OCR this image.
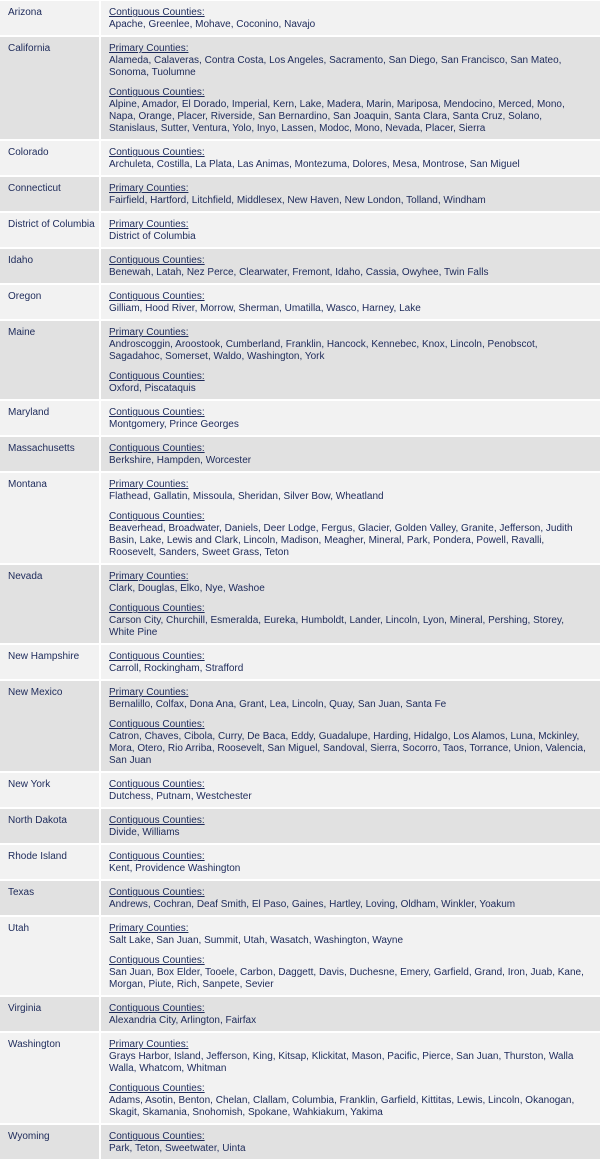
Arizona	Contiguous Counties:
Apache, Greenlee, Mohave, Coconino, Navajo
California	Primary Counties:
Alameda, Calaveras, Contra Costa, Los Angeles, Sacramento, San Diego, San Francisco, San Mateo, Sonoma, Tuolumne
Contiguous Counties:
Alpine, Amador, El Dorado, Imperial, Kern, Lake, Madera, Marin, Mariposa, Mendocino, Merced, Mono, Napa, Orange, Placer, Riverside, San Bernardino, San Joaquin, Santa Clara, Santa Cruz, Solano, Stanislaus, Sutter, Ventura, Yolo, Inyo, Lassen, Modoc, Mono, Nevada, Placer, Sierra
Colorado	Contiguous Counties:
Archuleta, Costilla, La Plata, Las Animas, Montezuma, Dolores, Mesa, Montrose, San Miguel
Connecticut	Primary Counties:
Fairfield, Hartford, Litchfield, Middlesex, New Haven, New London, Tolland, Windham
District of Columbia	Primary Counties:
District of Columbia
Idaho	Contiguous Counties:
Benewah, Latah, Nez Perce, Clearwater, Fremont, Idaho, Cassia, Owyhee, Twin Falls
Oregon	Contiguous Counties:
Gilliam, Hood River, Morrow, Sherman, Umatilla, Wasco, Harney, Lake
Maine	Primary Counties:
Androscoggin, Aroostook, Cumberland, Franklin, Hancock, Kennebec, Knox, Lincoln, Penobscot, Sagadahoc, Somerset, Waldo, Washington, York
Contiguous Counties:
Oxford, Piscataquis
Maryland	Contiguous Counties:
Montgomery, Prince Georges
Massachusetts	Contiguous Counties:
Berkshire, Hampden, Worcester
Montana	Primary Counties:
Flathead, Gallatin, Missoula, Sheridan, Silver Bow, Wheatland
Contiguous Counties:
Beaverhead, Broadwater, Daniels, Deer Lodge, Fergus, Glacier, Golden Valley, Granite, Jefferson, Judith Basin, Lake, Lewis and Clark, Lincoln, Madison, Meagher, Mineral, Park, Pondera, Powell, Ravalli, Roosevelt, Sanders, Sweet Grass, Teton
Nevada	Primary Counties:
Clark, Douglas, Elko, Nye, Washoe
Contiguous Counties:
Carson City, Churchill, Esmeralda, Eureka, Humboldt, Lander, Lincoln, Lyon, Mineral, Pershing, Storey, White Pine
New Hampshire	Contiguous Counties:
Carroll, Rockingham, Strafford
New Mexico	Primary Counties:
Bernalillo, Colfax, Dona Ana, Grant, Lea, Lincoln, Quay, San Juan, Santa Fe
Contiguous Counties:
Catron, Chaves, Cibola, Curry, De Baca, Eddy, Guadalupe, Harding, Hidalgo, Los Alamos, Luna, Mckinley, Mora, Otero, Rio Arriba, Roosevelt, San Miguel, Sandoval, Sierra, Socorro, Taos, Torrance, Union, Valencia, San Juan
New York	Contiguous Counties:
Dutchess, Putnam, Westchester
North Dakota	Contiguous Counties:
Divide, Williams
Rhode Island	Contiguous Counties:
Kent, Providence Washington
Texas	Contiguous Counties:
Andrews, Cochran, Deaf Smith, El Paso, Gaines, Hartley, Loving, Oldham, Winkler, Yoakum
Utah	Primary Counties:
Salt Lake, San Juan, Summit, Utah, Wasatch, Washington, Wayne
Contiguous Counties:
San Juan, Box Elder, Tooele, Carbon, Daggett, Davis, Duchesne, Emery, Garfield, Grand, Iron, Juab, Kane, Morgan, Piute, Rich, Sanpete, Sevier
Virginia	Contiguous Counties:
Alexandria City, Arlington, Fairfax
Washington	Primary Counties:
Grays Harbor, Island, Jefferson, King, Kitsap, Klickitat, Mason, Pacific, Pierce, San Juan, Thurston, Walla Walla, Whatcom, Whitman
Contiguous Counties:
Adams, Asotin, Benton, Chelan, Clallam, Columbia, Franklin, Garfield, Kittitas, Lewis, Lincoln, Okanogan, Skagit, Skamania, Snohomish, Spokane, Wahkiakum, Yakima
Wyoming	Contiguous Counties:
Park, Teton, Sweetwater, Uinta
